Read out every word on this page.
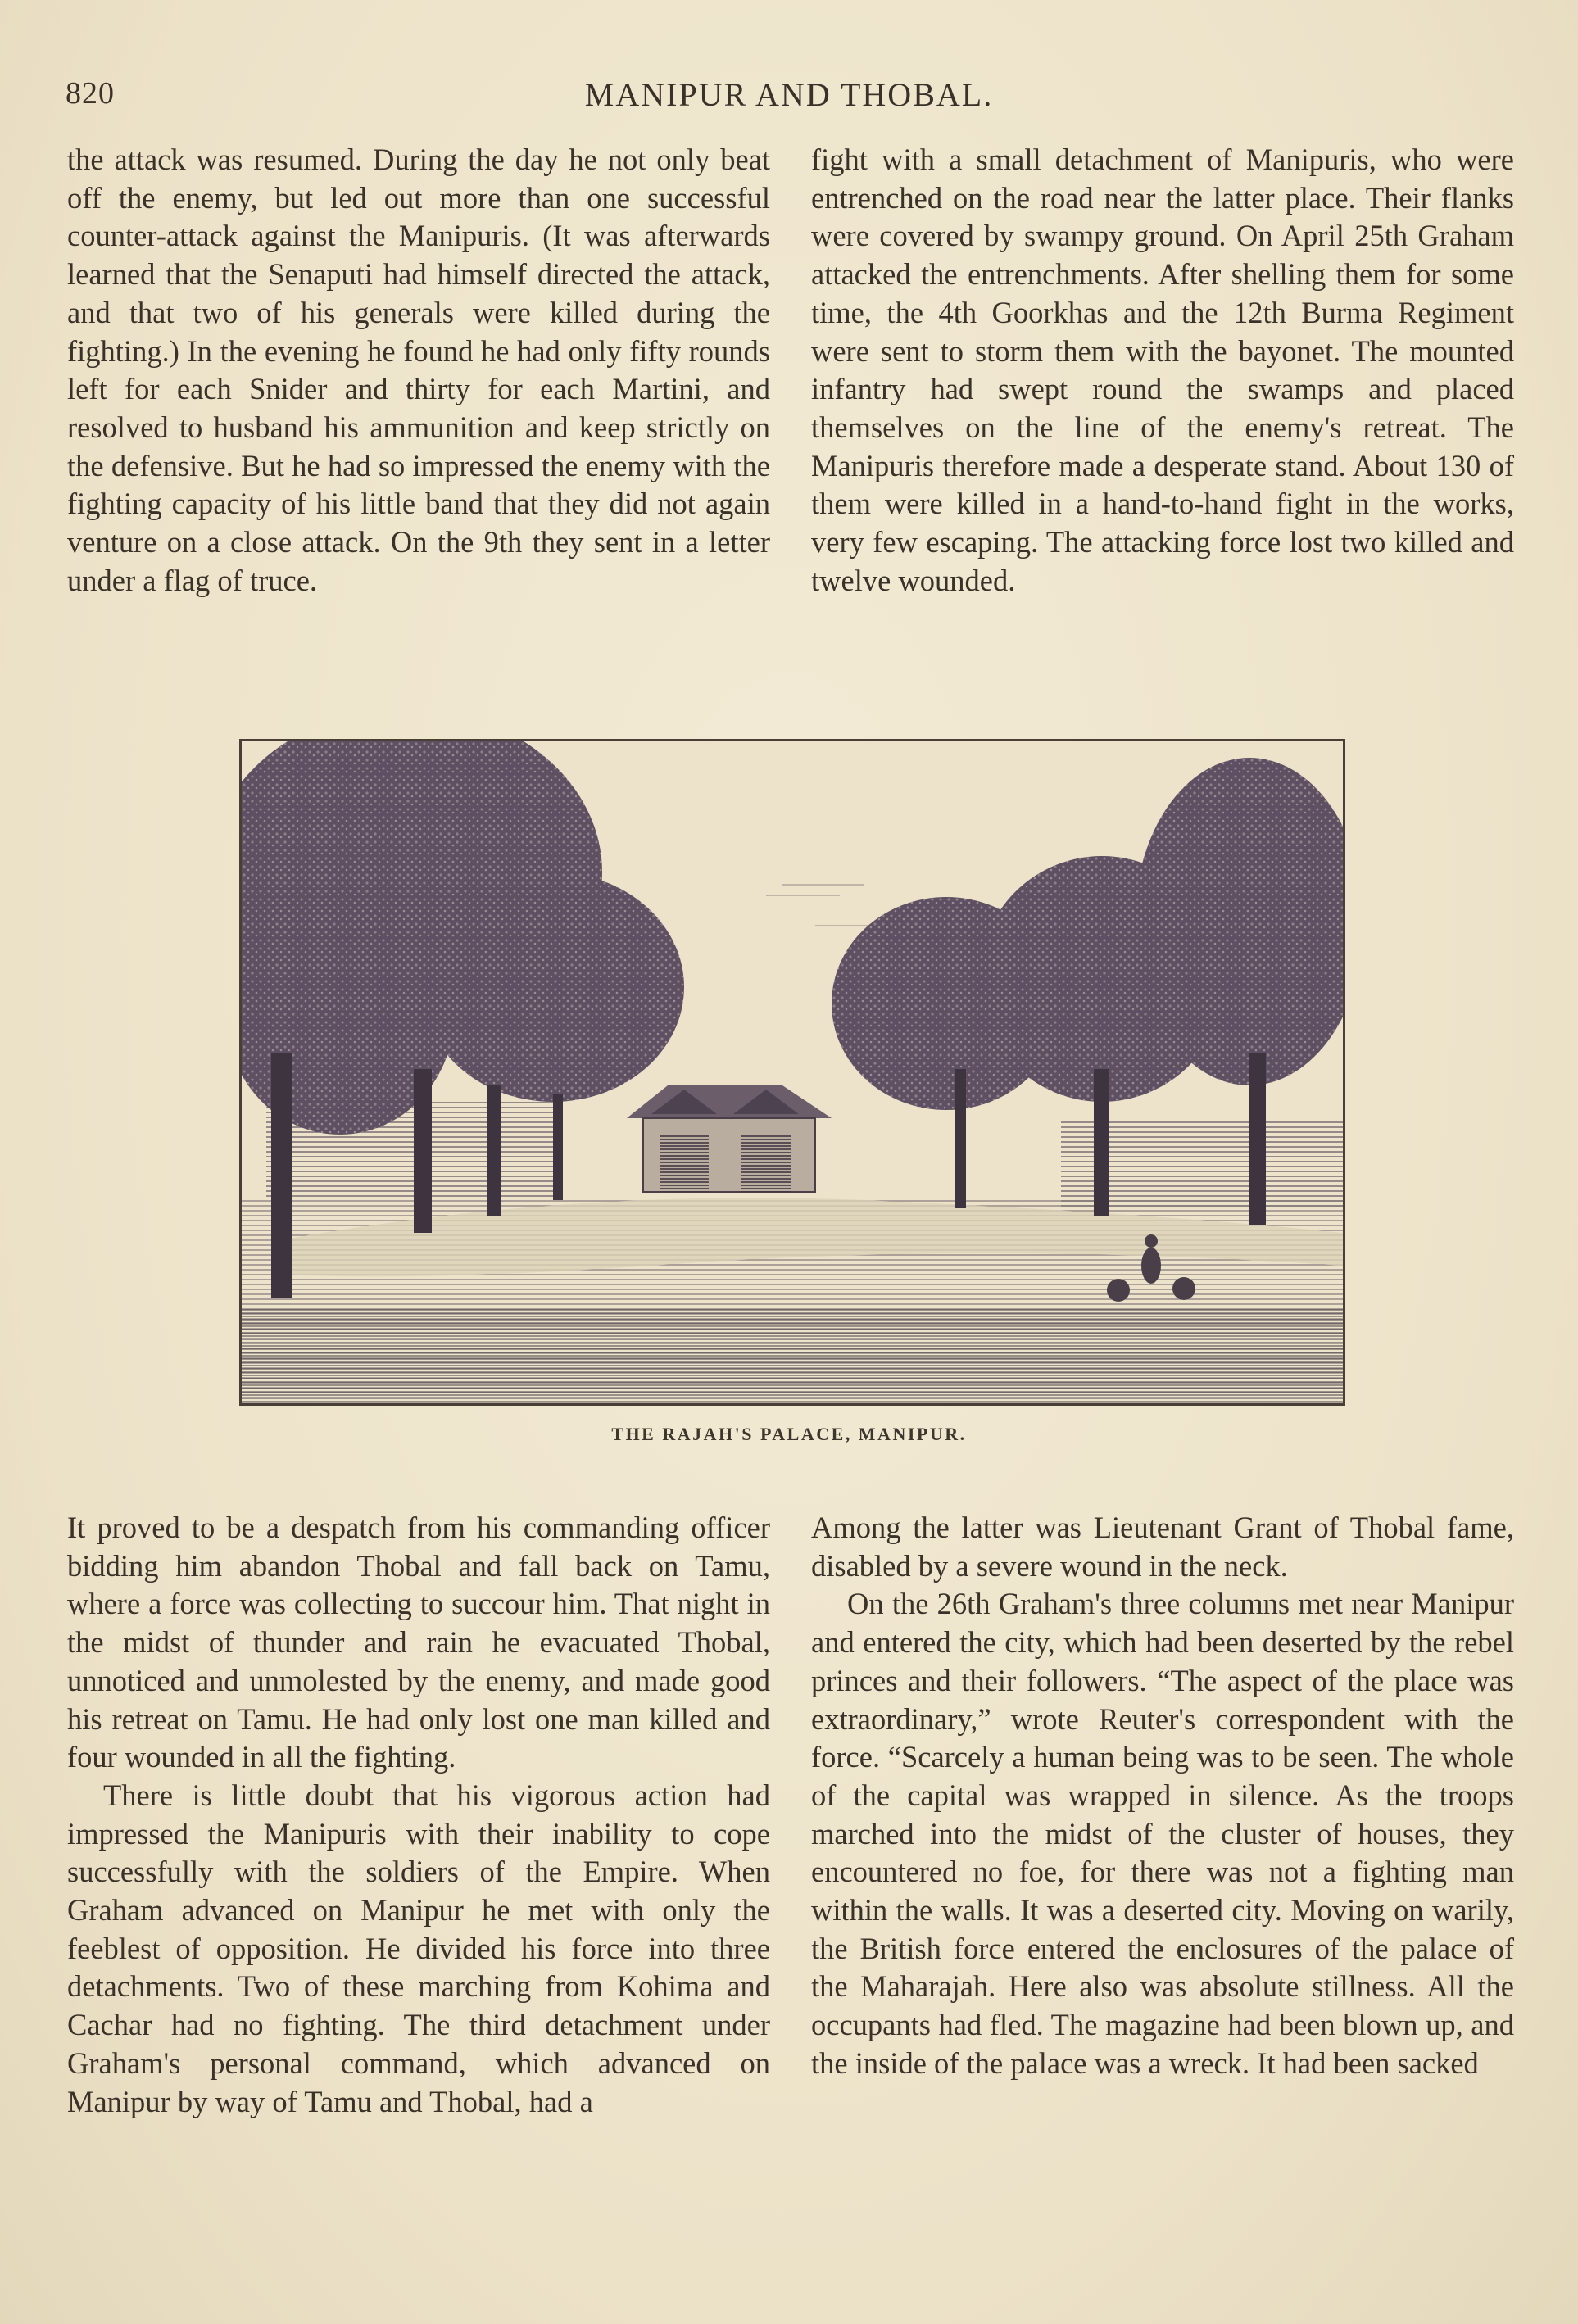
820	MANIPUR AND THOBAL.

the attack was resumed. During the day he not only beat off the enemy, but led out more than one successful counter-attack against the Manipuris. (It was afterwards learned that the Senaputi had himself directed the attack, and that two of his generals were killed during the fighting.) In the evening he found he had only fifty rounds left for each Snider and thirty for each Martini, and resolved to husband his ammunition and keep strictly on the defensive. But he had so impressed the enemy with the fighting capacity of his little band that they did not again venture on a close attack. On the 9th they sent in a letter under a flag of truce.

fight with a small detachment of Manipuris, who were entrenched on the road near the latter place. Their flanks were covered by swampy ground. On April 25th Graham attacked the entrenchments. After shelling them for some time, the 4th Goorkhas and the 12th Burma Regiment were sent to storm them with the bayonet. The mounted infantry had swept round the swamps and placed themselves on the line of the enemy's retreat. The Manipuris therefore made a desperate stand. About 130 of them were killed in a hand-to-hand fight in the works, very few escaping. The attacking force lost two killed and twelve wounded.

THE RAJAH'S PALACE, MANIPUR.

It proved to be a despatch from his commanding officer bidding him abandon Thobal and fall back on Tamu, where a force was collecting to succour him. That night in the midst of thunder and rain he evacuated Thobal, unnoticed and unmolested by the enemy, and made good his retreat on Tamu. He had only lost one man killed and four wounded in all the fighting.

There is little doubt that his vigorous action had impressed the Manipuris with their inability to cope successfully with the soldiers of the Empire. When Graham advanced on Manipur he met with only the feeblest of opposition. He divided his force into three detachments. Two of these marching from Kohima and Cachar had no fighting. The third detachment under Graham's personal command, which advanced on Manipur by way of Tamu and Thobal, had a

Among the latter was Lieutenant Grant of Thobal fame, disabled by a severe wound in the neck.

On the 26th Graham's three columns met near Manipur and entered the city, which had been deserted by the rebel princes and their followers. “The aspect of the place was extraordinary,” wrote Reuter's correspondent with the force. “Scarcely a human being was to be seen. The whole of the capital was wrapped in silence. As the troops marched into the midst of the cluster of houses, they encountered no foe, for there was not a fighting man within the walls. It was a deserted city. Moving on warily, the British force entered the enclosures of the palace of the Maharajah. Here also was absolute stillness. All the occupants had fled. The magazine had been blown up, and the inside of the palace was a wreck. It had been sacked
